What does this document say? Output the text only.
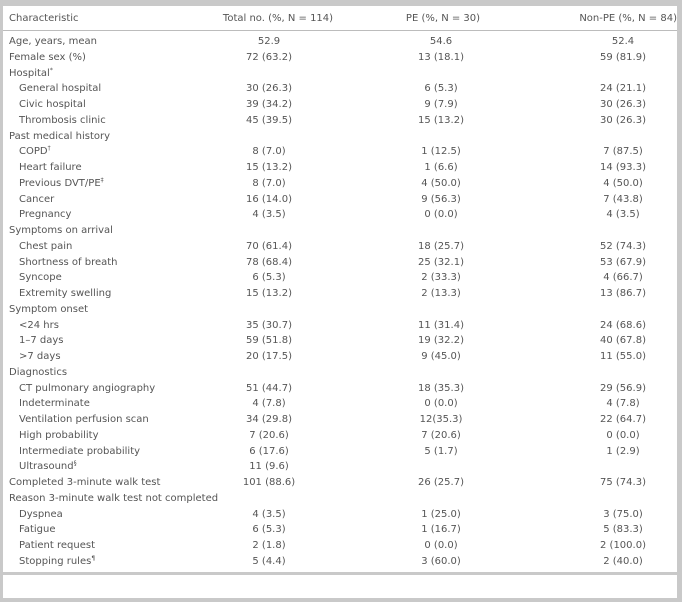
Characteristic	Total no. (%, N = 114)	PE (%, N = 30)	Non-PE (%, N = 84)
Age, years, mean	52.9	54.6	52.4
Female sex (%)	72 (63.2)	13 (18.1)	59 (81.9)
Hospital*
General hospital	30 (26.3)	6 (5.3)	24 (21.1)
Civic hospital	39 (34.2)	9 (7.9)	30 (26.3)
Thrombosis clinic	45 (39.5)	15 (13.2)	30 (26.3)
Past medical history
COPD†	8 (7.0)	1 (12.5)	7 (87.5)
Heart failure	15 (13.2)	1 (6.6)	14 (93.3)
Previous DVT/PE‡	8 (7.0)	4 (50.0)	4 (50.0)
Cancer	16 (14.0)	9 (56.3)	7 (43.8)
Pregnancy	4 (3.5)	0 (0.0)	4 (3.5)
Symptoms on arrival
Chest pain	70 (61.4)	18 (25.7)	52 (74.3)
Shortness of breath	78 (68.4)	25 (32.1)	53 (67.9)
Syncope	6 (5.3)	2 (33.3)	4 (66.7)
Extremity swelling	15 (13.2)	2 (13.3)	13 (86.7)
Symptom onset
<24 hrs	35 (30.7)	11 (31.4)	24 (68.6)
1–7 days	59 (51.8)	19 (32.2)	40 (67.8)
>7 days	20 (17.5)	9 (45.0)	11 (55.0)
Diagnostics
CT pulmonary angiography	51 (44.7)	18 (35.3)	29 (56.9)
Indeterminate	4 (7.8)	0 (0.0)	4 (7.8)
Ventilation perfusion scan	34 (29.8)	12(35.3)	22 (64.7)
High probability	7 (20.6)	7 (20.6)	0 (0.0)
Intermediate probability	6 (17.6)	5 (1.7)	1 (2.9)
Ultrasound§	11 (9.6)
Completed 3-minute walk test	101 (88.6)	26 (25.7)	75 (74.3)
Reason 3-minute walk test not completed
Dyspnea	4 (3.5)	1 (25.0)	3 (75.0)
Fatigue	6 (5.3)	1 (16.7)	5 (83.3)
Patient request	2 (1.8)	0 (0.0)	2 (100.0)
Stopping rules¶	5 (4.4)	3 (60.0)	2 (40.0)
